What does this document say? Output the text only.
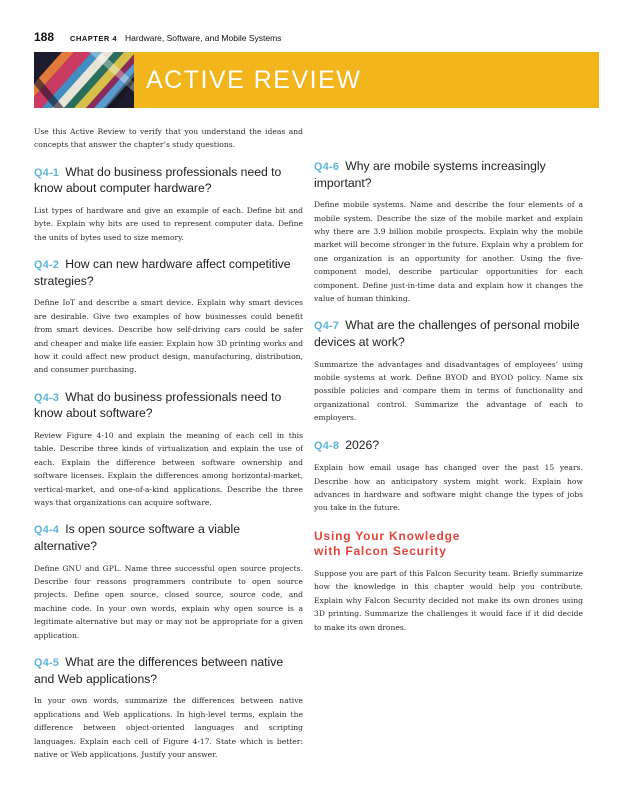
188 CHAPTER 4 Hardware, Software, and Mobile Systems
ACTIVE REVIEW

Use this Active Review to verify that you understand the ideas and concepts that answer the chapter’s study questions.

Q4-1 What do business professionals need to know about computer hardware?

List types of hardware and give an example of each. Define bit and byte. Explain why bits are used to represent computer data. Define the units of bytes used to size memory.

Q4-2 How can new hardware affect competitive strategies?

Define IoT and describe a smart device. Explain why smart devices are desirable. Give two examples of how businesses could benefit from smart devices. Describe how self-driving cars could be safer and cheaper and make life easier. Explain how 3D printing works and how it could affect new product design, manufacturing, distribution, and consumer purchasing.

Q4-3 What do business professionals need to know about software?

Review Figure 4-10 and explain the meaning of each cell in this table. Describe three kinds of virtualization and explain the use of each. Explain the difference between software ownership and software licenses. Explain the differences among horizontal-market, vertical-market, and one-of-a-kind applications. Describe the three ways that organizations can acquire software.

Q4-4 Is open source software a viable alternative?

Define GNU and GPL. Name three successful open source projects. Describe four reasons programmers contribute to open source projects. Define open source, closed source, source code, and machine code. In your own words, explain why open source is a legitimate alternative but may or may not be appropriate for a given application.

Q4-5 What are the differences between native and Web applications?

In your own words, summarize the differences between native applications and Web applications. In high-level terms, explain the difference between object-oriented languages and scripting languages. Explain each cell of Figure 4-17. State which is better: native or Web applications. Justify your answer.

Q4-6 Why are mobile systems increasingly important?

Define mobile systems. Name and describe the four elements of a mobile system. Describe the size of the mobile market and explain why there are 3.9 billion mobile prospects. Explain why the mobile market will become stronger in the future. Explain why a problem for one organization is an opportunity for another. Using the five-component model, describe particular opportunities for each component. Define just-in-time data and explain how it changes the value of human thinking.

Q4-7 What are the challenges of personal mobile devices at work?

Summarize the advantages and disadvantages of employees’ using mobile systems at work. Define BYOD and BYOD policy. Name six possible policies and compare them in terms of functionality and organizational control. Summarize the advantage of each to employers.

Q4-8 2026?

Explain how email usage has changed over the past 15 years. Describe how an anticipatory system might work. Explain how advances in hardware and software might change the types of jobs you take in the future.

Using Your Knowledge
with Falcon Security

Suppose you are part of this Falcon Security team. Briefly summarize how the knowledge in this chapter would help you contribute. Explain why Falcon Security decided not make its own drones using 3D printing. Summarize the challenges it would face if it did decide to make its own drones.
